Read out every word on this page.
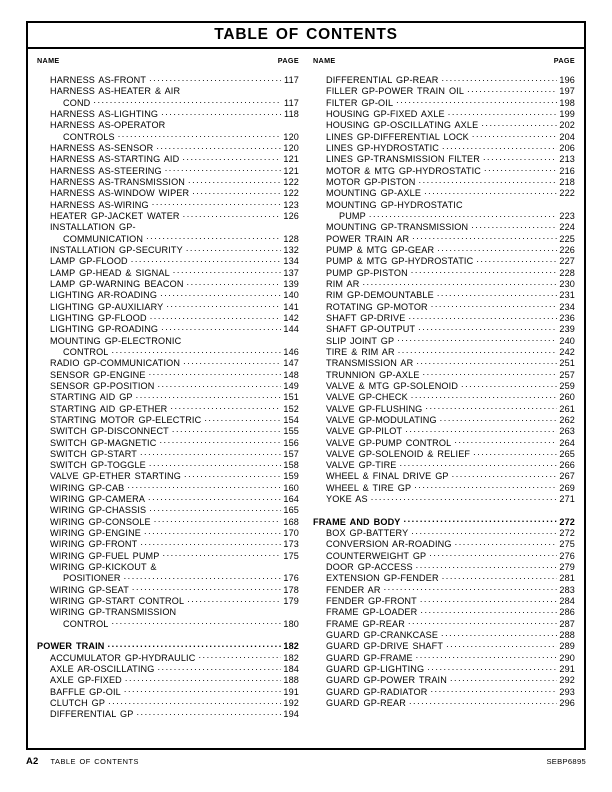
TABLE OF CONTENTS
NAME	PAGE NAME	PAGE
HARNESS AS-FRONT .....	117
HARNESS AS-HEATER & AIR
COND .....	117
HARNESS AS-LIGHTING .....	118
HARNESS AS-OPERATOR
CONTROLS .....	120
HARNESS AS-SENSOR .....	120
HARNESS AS-STARTING AID .....	121
HARNESS AS-STEERING .....	121
HARNESS AS-TRANSMISSION .....	122
HARNESS AS-WINDOW WIPER .....	122
HARNESS AS-WIRING .....	123
HEATER GP-JACKET WATER .....	126
INSTALLATION GP-
COMMUNICATION .....	128
INSTALLATION GP-SECURITY .....	132
LAMP GP-FLOOD .....	134
LAMP GP-HEAD & SIGNAL .....	137
LAMP GP-WARNING BEACON .....	139
LIGHTING AR-ROADING .....	140
LIGHTING GP-AUXILIARY .....	141
LIGHTING GP-FLOOD .....	142
LIGHTING GP-ROADING .....	144
MOUNTING GP-ELECTRONIC
CONTROL .....	146
RADIO GP-COMMUNICATION .....	147
SENSOR GP-ENGINE .....	148
SENSOR GP-POSITION .....	149
STARTING AID GP .....	151
STARTING AID GP-ETHER .....	152
STARTING MOTOR GP-ELECTRIC .....	154
SWITCH GP-DISCONNECT .....	155
SWITCH GP-MAGNETIC .....	156
SWITCH GP-START .....	157
SWITCH GP-TOGGLE .....	158
VALVE GP-ETHER STARTING .....	159
WIRING GP-CAB .....	160
WIRING GP-CAMERA .....	164
WIRING GP-CHASSIS .....	165
WIRING GP-CONSOLE .....	168
WIRING GP-ENGINE .....	170
WIRING GP-FRONT .....	173
WIRING GP-FUEL PUMP .....	175
WIRING GP-KICKOUT &
POSITIONER .....	176
WIRING GP-SEAT .....	178
WIRING GP-START CONTROL .....	179
WIRING GP-TRANSMISSION
CONTROL .....	180
POWER TRAIN .....	182
ACCUMULATOR GP-HYDRAULIC .....	182
AXLE AR-OSCILLATING .....	184
AXLE GP-FIXED .....	188
BAFFLE GP-OIL .....	191
CLUTCH GP .....	192
DIFFERENTIAL GP .....	194
DIFFERENTIAL GP-REAR .....	196
FILLER GP-POWER TRAIN OIL .....	197
FILTER GP-OIL .....	198
HOUSING GP-FIXED AXLE .....	199
HOUSING GP-OSCILLATING AXLE .....	202
LINES GP-DIFFERENTIAL LOCK .....	204
LINES GP-HYDROSTATIC .....	206
LINES GP-TRANSMISSION FILTER .....	213
MOTOR & MTG GP-HYDROSTATIC .....	216
MOTOR GP-PISTON .....	218
MOUNTING GP-AXLE .....	222
MOUNTING GP-HYDROSTATIC
PUMP .....	223
MOUNTING GP-TRANSMISSION .....	224
POWER TRAIN AR .....	225
PUMP & MTG GP-GEAR .....	226
PUMP & MTG GP-HYDROSTATIC .....	227
PUMP GP-PISTON .....	228
RIM AR .....	230
RIM GP-DEMOUNTABLE .....	231
ROTATING GP-MOTOR .....	234
SHAFT GP-DRIVE .....	236
SHAFT GP-OUTPUT .....	239
SLIP JOINT GP .....	240
TIRE & RIM AR .....	242
TRANSMISSION AR .....	251
TRUNNION GP-AXLE .....	257
VALVE & MTG GP-SOLENOID .....	259
VALVE GP-CHECK .....	260
VALVE GP-FLUSHING .....	261
VALVE GP-MODULATING .....	262
VALVE GP-PILOT .....	263
VALVE GP-PUMP CONTROL .....	264
VALVE GP-SOLENOID & RELIEF .....	265
VALVE GP-TIRE .....	266
WHEEL & FINAL DRIVE GP .....	267
WHEEL & TIRE GP .....	269
YOKE AS .....	271
FRAME AND BODY .....	272
BOX GP-BATTERY .....	272
CONVERSION AR-ROADING .....	275
COUNTERWEIGHT GP .....	276
DOOR GP-ACCESS .....	279
EXTENSION GP-FENDER .....	281
FENDER AR .....	283
FENDER GP-FRONT .....	284
FRAME GP-LOADER .....	286
FRAME GP-REAR .....	287
GUARD GP-CRANKCASE .....	288
GUARD GP-DRIVE SHAFT .....	289
GUARD GP-FRAME .....	290
GUARD GP-LIGHTING .....	291
GUARD GP-POWER TRAIN .....	292
GUARD GP-RADIATOR .....	293
GUARD GP-REAR .....	296
A2 TABLE OF CONTENTS	SEBP6895
